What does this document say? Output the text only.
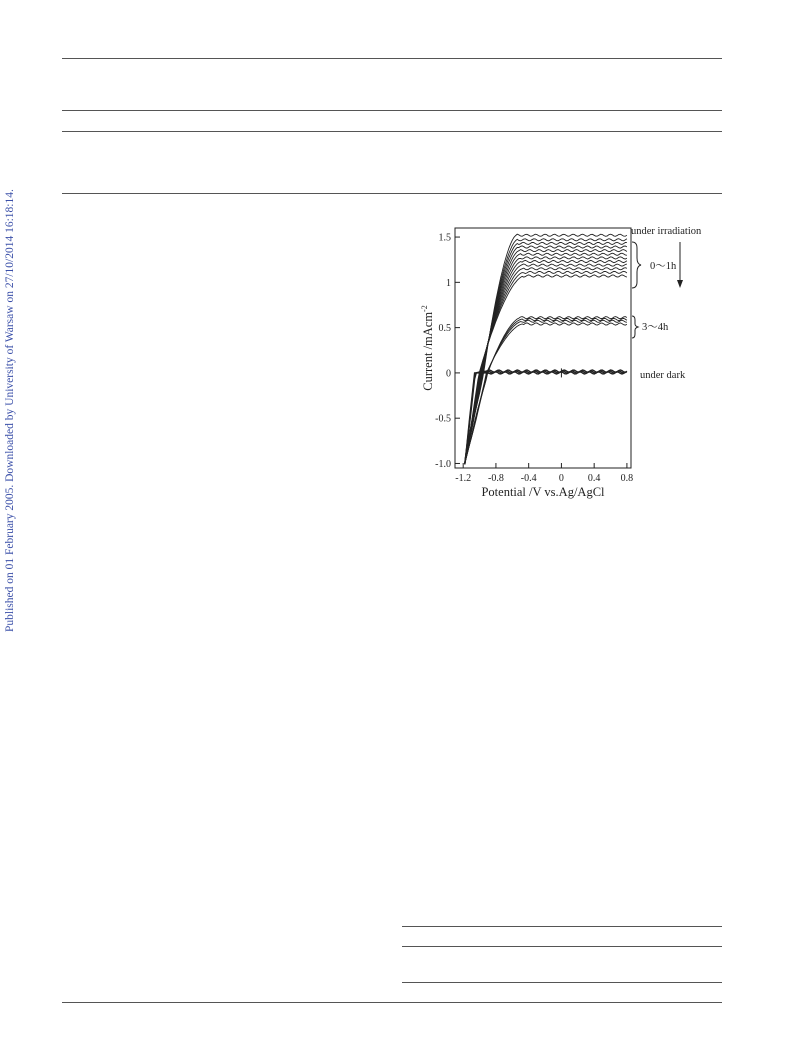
Published on 01 February 2005. Downloaded by University of Warsaw on 27/10/2014 16:18:14.	-1.2 -0.8 -0.4 0 0.4 0.8
1.5
1
0.5
0
-0.5
-1.0
Potential /V vs.Ag/AgCl
Current /mAcm$^{-2}$
under irradiation
0～1h
3～4h
under dark
